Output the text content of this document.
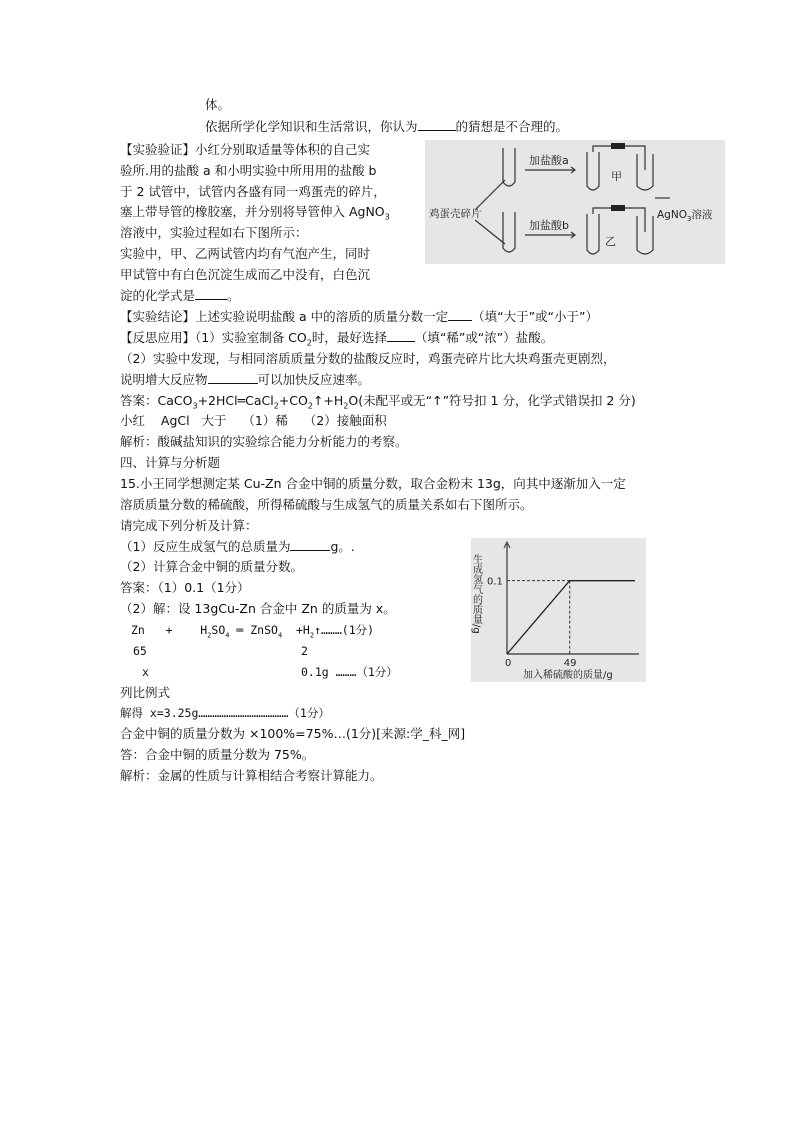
体。
依据所学化学知识和生活常识，你认为	的猜想是不合理的。
【实验验证】小红分别取适量等体积的自己实
验所.用的盐酸 a 和小明实验中所用用的盐酸 b
于 2 试管中，试管内各盛有同一鸡蛋壳的碎片，
塞上带导管的橡胶塞，并分别将导管伸入 AgNO$_3$
溶液中，实验过程如右下图所示：
实验中，甲、乙两试管内均有气泡产生，同时
甲试管中有白色沉淀生成而乙中没有，白色沉
淀的化学式是	。
【实验结论】上述实验说明盐酸 a 中的溶质的质量分数一定 （填“大于”或“小于”）
【反思应用】（1）实验室制备 $CO_2$时，最好选择 （填“稀”或“浓”）盐酸。
（2）实验中发现，与相同溶质质量分数的盐酸反应时，鸡蛋壳碎片比大块鸡蛋壳更剧烈，
说明增大反应物	可以加快反应速率。
答案：$CaCO_3+2HCl═CaCl_2+CO_2↑+H_2O$(未配平或无“↑”符号扣 1 分，化学式错误扣 2 分)
小红    AgCl   大于    （1）稀    （2）接触面积
解析：酸碱盐知识的实验综合能力分析能力的考察。
四、计算与分析题
15.小王同学想测定某 Cu-Zn 合金中铜的质量分数，取合金粉末 13g，向其中逐渐加入一定
溶质质量分数的稀硫酸，所得稀硫酸与生成氢气的质量关系如右下图所示。
请完成下列分析及计算：
（1）反应生成氢气的总质量为	g。.
（2）计算合金中铜的质量分数。
答案：（1）0.1（1分）
（2）解：设 13gCu-Zn 合金中 Zn 的质量为 x。
Zn   +    $H_2SO_4$ ═ ZnSO$_4$  $+H_2↑\dots\dots\dots(1$分)
65	2
x	0.1g ………（1分）
列比例式
解得 x=3.25g…………………………………（1分）
合金中铜的质量分数为 ×100%=75%…(1分)[来源:学_科_网]
答：合金中铜的质量分数为 75%。
解析：金属的性质与计算相结合考察计算能力。
加盐酸a
加盐酸b
甲
乙
鸡蛋壳碎片	AgNO$_3$溶液
生成氢气的质量/g 0.1
49
0
加入稀硫酸的质量/g
